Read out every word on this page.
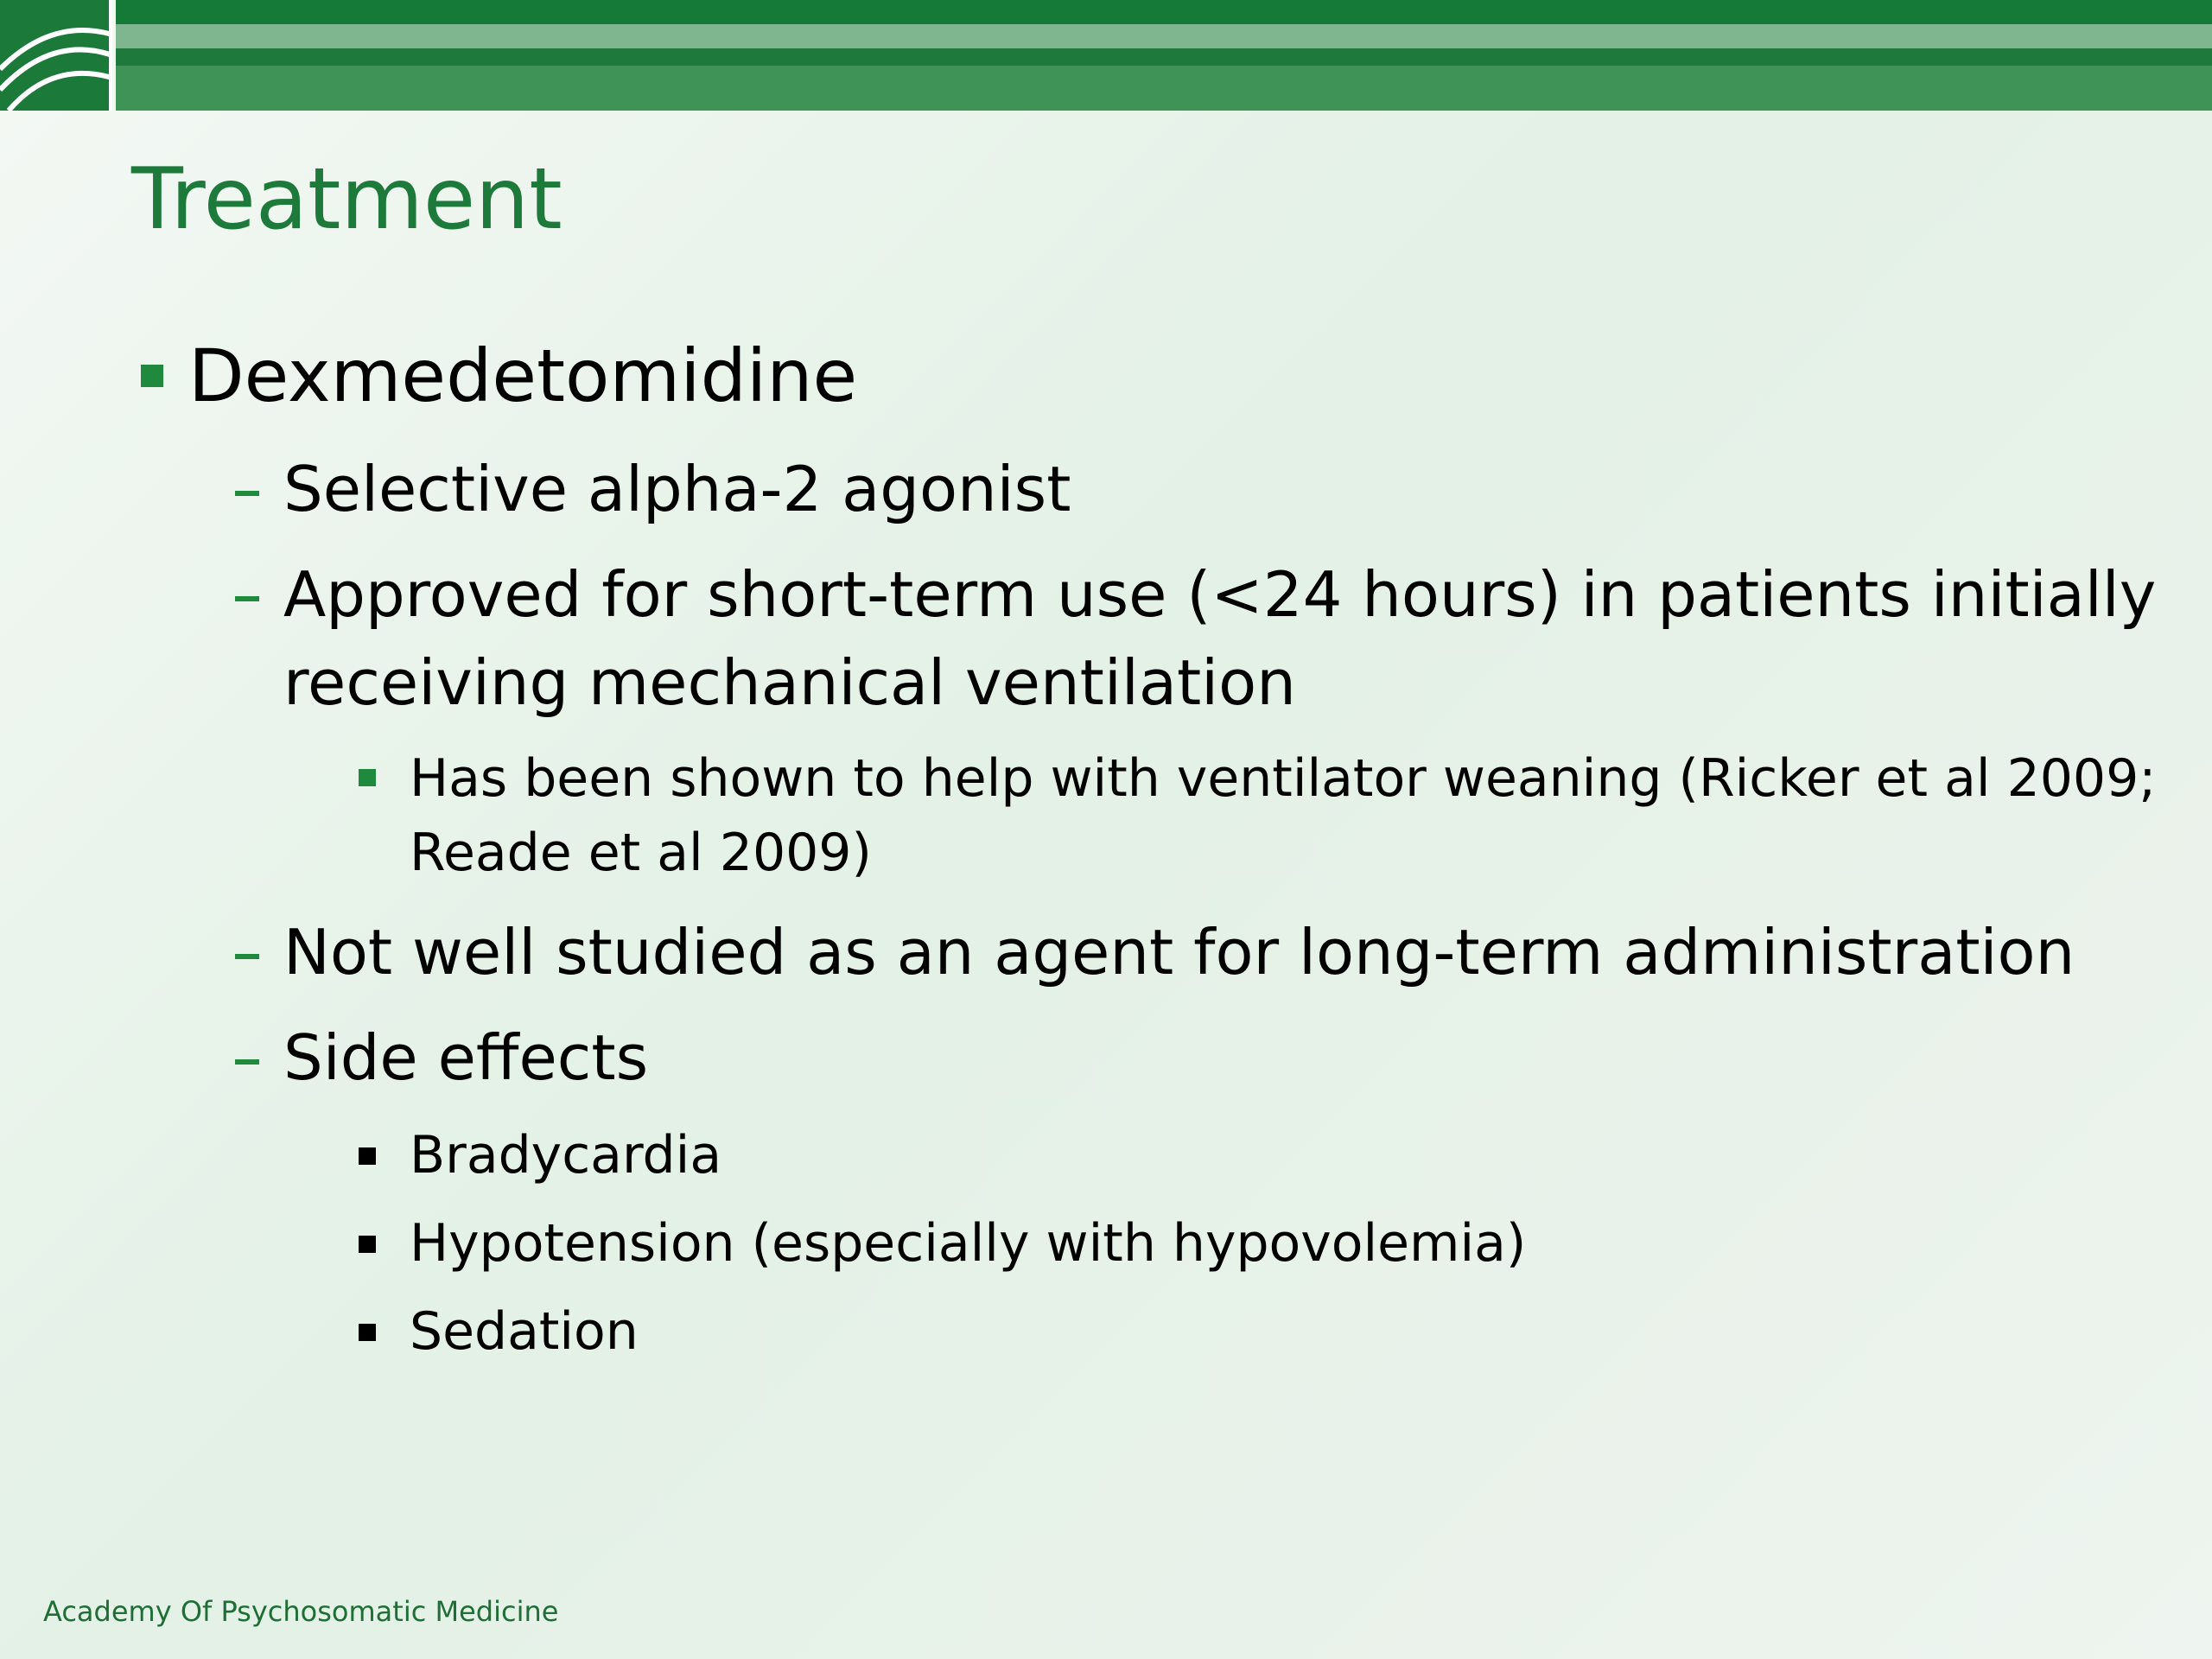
Treatment
Dexmedetomidine
Selective alpha-2 agonist
Approved for short-term use (<24 hours) in patients initially
receiving mechanical ventilation
Has been shown to help with ventilator weaning (Ricker et al 2009;
Reade et al 2009)
Not well studied as an agent for long-term administration
Side effects
Bradycardia
Hypotension (especially with hypovolemia)
Sedation
Academy Of Psychosomatic Medicine
